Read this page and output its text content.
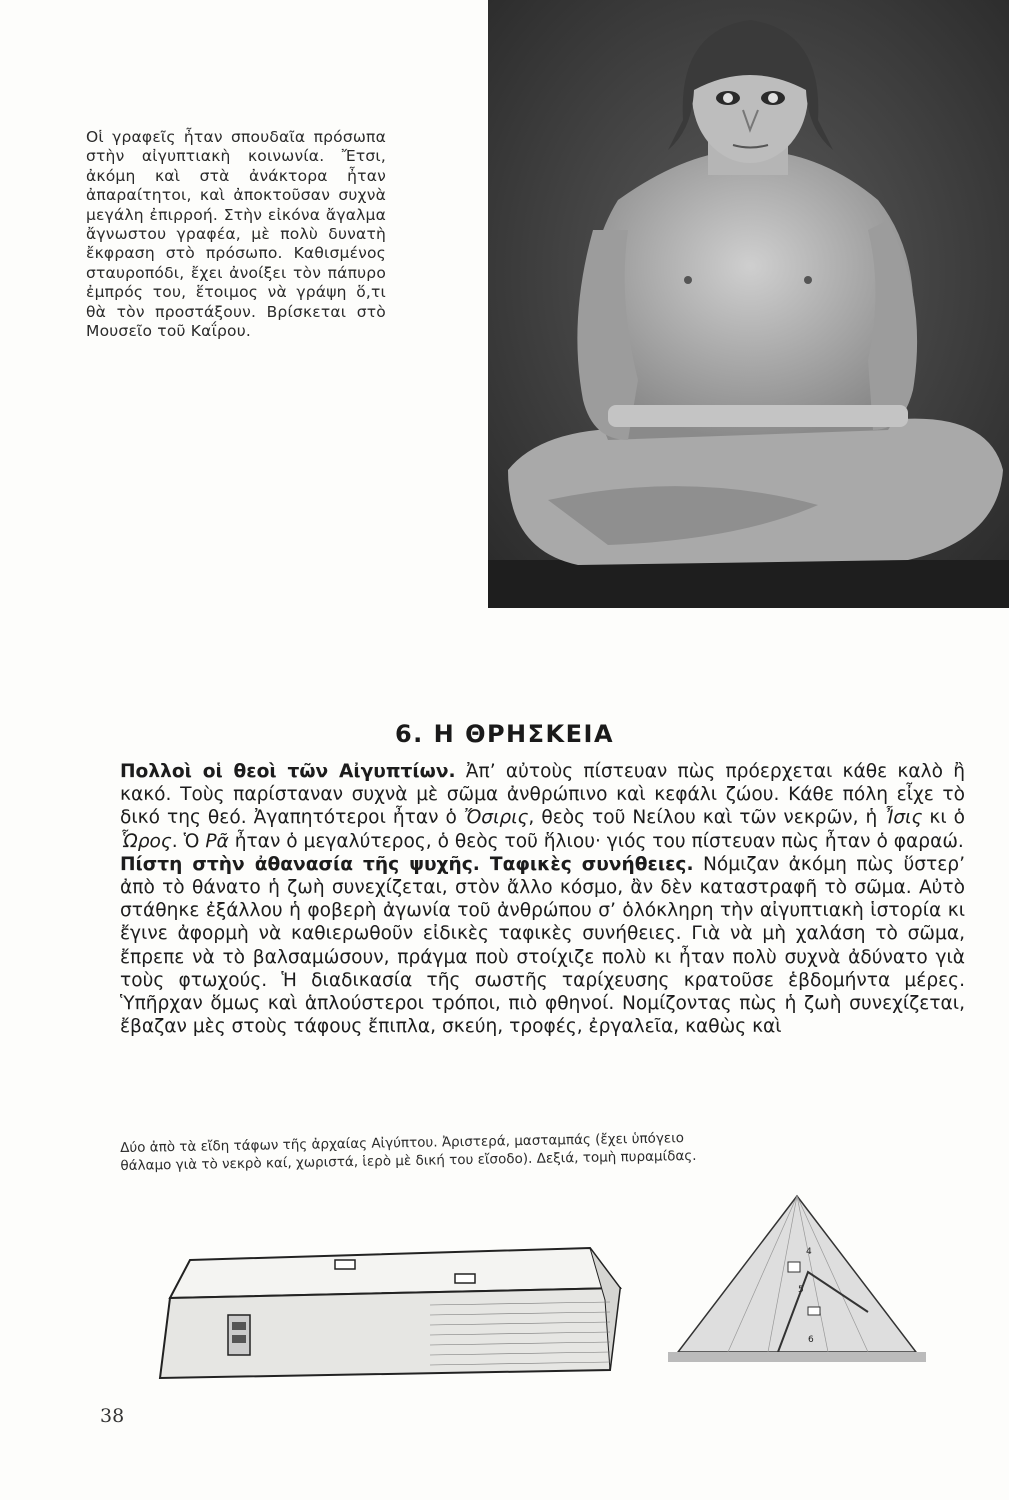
Οἱ γραφεῖς ἦταν σπουδαῖα πρόσωπα στὴν αἰγυπτιακὴ κοινωνία. Ἔτσι, ἀκόμη καὶ στὰ ἀνάκτορα ἦταν ἀπαραίτητοι, καὶ ἀποκτοῦσαν συχνὰ μεγάλη ἐπιρροή. Στὴν εἰκόνα ἄγαλμα ἄγνωστου γραφέα, μὲ πολὺ δυνατὴ ἔκφραση στὸ πρόσωπο. Καθισμένος σταυροπόδι, ἔχει ἀνοίξει τὸν πάπυρο ἐμπρός του, ἕτοιμος νὰ γράψη ὅ,τι θὰ τὸν προστάξουν. Βρίσκεται στὸ Μουσεῖο τοῦ Καΐρου.

6. Η ΘΡΗΣΚΕΙΑ

Πολλοὶ οἱ θεοὶ τῶν Αἰγυπτίων. Ἀπ’ αὐτοὺς πίστευαν πὼς πρόερχεται κάθε καλὸ ἢ κακό. Τοὺς παρίσταναν συχνὰ μὲ σῶμα ἀνθρώπινο καὶ κεφάλι ζώου. Κάθε πόλη εἶχε τὸ δικό της θεό. Ἀγαπητότεροι ἦταν ὁ Ὄσιρις, θεὸς τοῦ Νείλου καὶ τῶν νεκρῶν, ἡ Ἶσις κι ὁ Ὧρος. Ὁ Ρᾶ ἦταν ὁ μεγαλύτερος, ὁ θεὸς τοῦ ἥλιου· γιός του πίστευαν πὼς ἦταν ὁ φαραώ.

Πίστη στὴν ἀθανασία τῆς ψυχῆς. Ταφικὲς συνήθειες. Νόμιζαν ἀκόμη πὼς ὕστερ’ ἀπὸ τὸ θάνατο ἡ ζωὴ συνεχίζεται, στὸν ἄλλο κόσμο, ἂν δὲν καταστραφῆ τὸ σῶμα. Αὐτὸ στάθηκε ἐξάλλου ἡ φοβερὴ ἀγωνία τοῦ ἀνθρώπου σ’ ὁλόκληρη τὴν αἰγυπτιακὴ ἱστορία κι ἔγινε ἀφορμὴ νὰ καθιερωθοῦν εἰδικὲς ταφικὲς συνήθειες. Γιὰ νὰ μὴ χαλάση τὸ σῶμα, ἔπρεπε νὰ τὸ βαλσαμώσουν, πράγμα ποὺ στοίχιζε πολὺ κι ἦταν πολὺ συχνὰ ἀδύνατο γιὰ τοὺς φτωχούς. Ἡ διαδικασία τῆς σωστῆς ταρίχευσης κρατοῦσε ἑβδομήντα μέρες. Ὑπῆρχαν ὅμως καὶ ἁπλούστεροι τρόποι, πιὸ φθηνοί. Νομίζοντας πὼς ἡ ζωὴ συνεχίζεται, ἔβαζαν μὲς στοὺς τάφους ἔπιπλα, σκεύη, τροφές, ἐργαλεῖα, καθὼς καὶ

Δύο ἀπὸ τὰ εἴδη τάφων τῆς ἀρχαίας Αἰγύπτου. Ἀριστερά, μασταμπάς (ἔχει ὑπόγειο θάλαμο γιὰ τὸ νεκρὸ καί, χωριστά, ἱερὸ μὲ δική του εἴσοδο). Δεξιά, τομὴ πυραμίδας.

4
5
6
38
